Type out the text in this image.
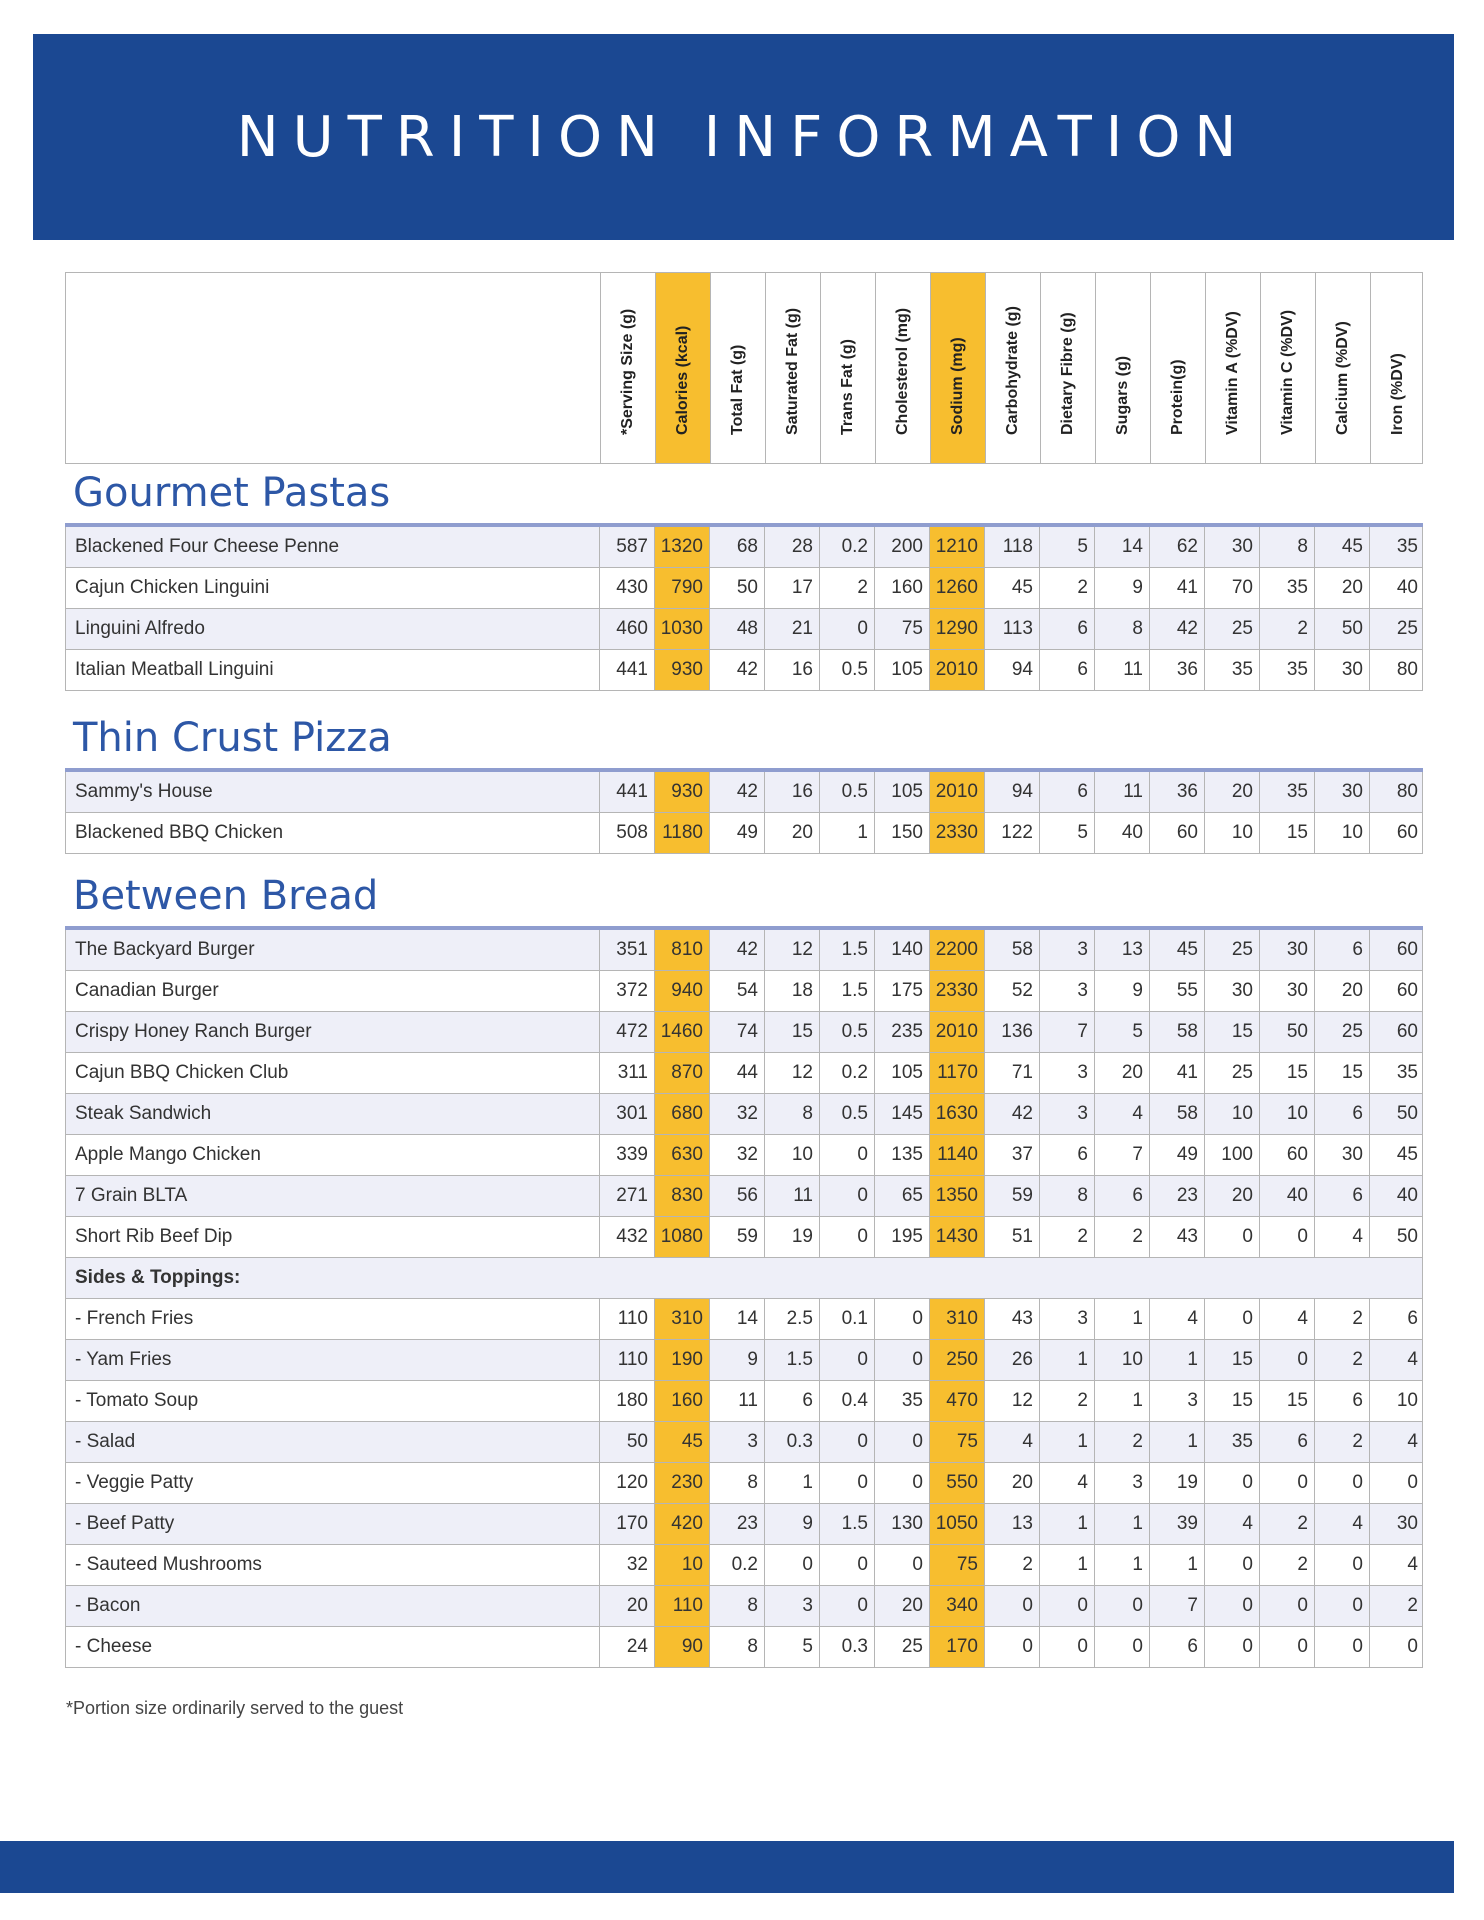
NUTRITION INFORMATION
*Serving Size (g) Calories (kcal) Total Fat (g) Saturated Fat (g) Trans Fat (g) Cholesterol (mg) Sodium (mg) Carbohydrate (g) Dietary Fibre (g) Sugars (g) Protein(g) Vitamin A (%DV) Vitamin C (%DV) Calcium (%DV) Iron (%DV)
Gourmet Pastas
Blackened Four Cheese Penne	587 1320	68	28	0.2	200 1210	118	5	14	62	30	8	45	35
Cajun Chicken Linguini	430	790	50	17	2	160 1260	45	2	9	41	70	35	20	40
Linguini Alfredo	460 1030	48	21	0	75 1290	113	6	8	42	25	2	50	25
Italian Meatball Linguini	441	930	42	16	0.5	105 2010	94	6	11	36	35	35	30	80
Thin Crust Pizza
Sammy's House	441	930	42	16	0.5	105 2010	94	6	11	36	20	35	30	80
Blackened BBQ Chicken	508 1180	49	20	1	150 2330	122	5	40	60	10	15	10	60
Between Bread
The Backyard Burger	351	810	42	12	1.5	140 2200	58	3	13	45	25	30	6	60
Canadian Burger	372	940	54	18	1.5	175 2330	52	3	9	55	30	30	20	60
Crispy Honey Ranch Burger	472 1460	74	15	0.5	235 2010	136	7	5	58	15	50	25	60
Cajun BBQ Chicken Club	311	870	44	12	0.2	105 1170	71	3	20	41	25	15	15	35
Steak Sandwich	301	680	32	8	0.5	145 1630	42	3	4	58	10	10	6	50
Apple Mango Chicken	339	630	32	10	0	135 1140	37	6	7	49	100	60	30	45
7 Grain BLTA	271	830	56	11	0	65 1350	59	8	6	23	20	40	6	40
Short Rib Beef Dip	432 1080	59	19	0	195 1430	51	2	2	43	0	0	4	50
Sides & Toppings:
- French Fries	110	310	14	2.5	0.1	0	310	43	3	1	4	0	4	2	6
- Yam Fries	110	190	9	1.5	0	0	250	26	1	10	1	15	0	2	4
- Tomato Soup	180	160	11	6	0.4	35	470	12	2	1	3	15	15	6	10
- Salad	50	45	3	0.3	0	0	75	4	1	2	1	35	6	2	4
- Veggie Patty	120	230	8	1	0	0	550	20	4	3	19	0	0	0	0
- Beef Patty	170	420	23	9	1.5	130 1050	13	1	1	39	4	2	4	30
- Sauteed Mushrooms	32	10	0.2	0	0	0	75	2	1	1	1	0	2	0	4
- Bacon	20	110	8	3	0	20	340	0	0	0	7	0	0	0	2
- Cheese	24	90	8	5	0.3	25	170	0	0	0	6	0	0	0	0
*Portion size ordinarily served to the guest
